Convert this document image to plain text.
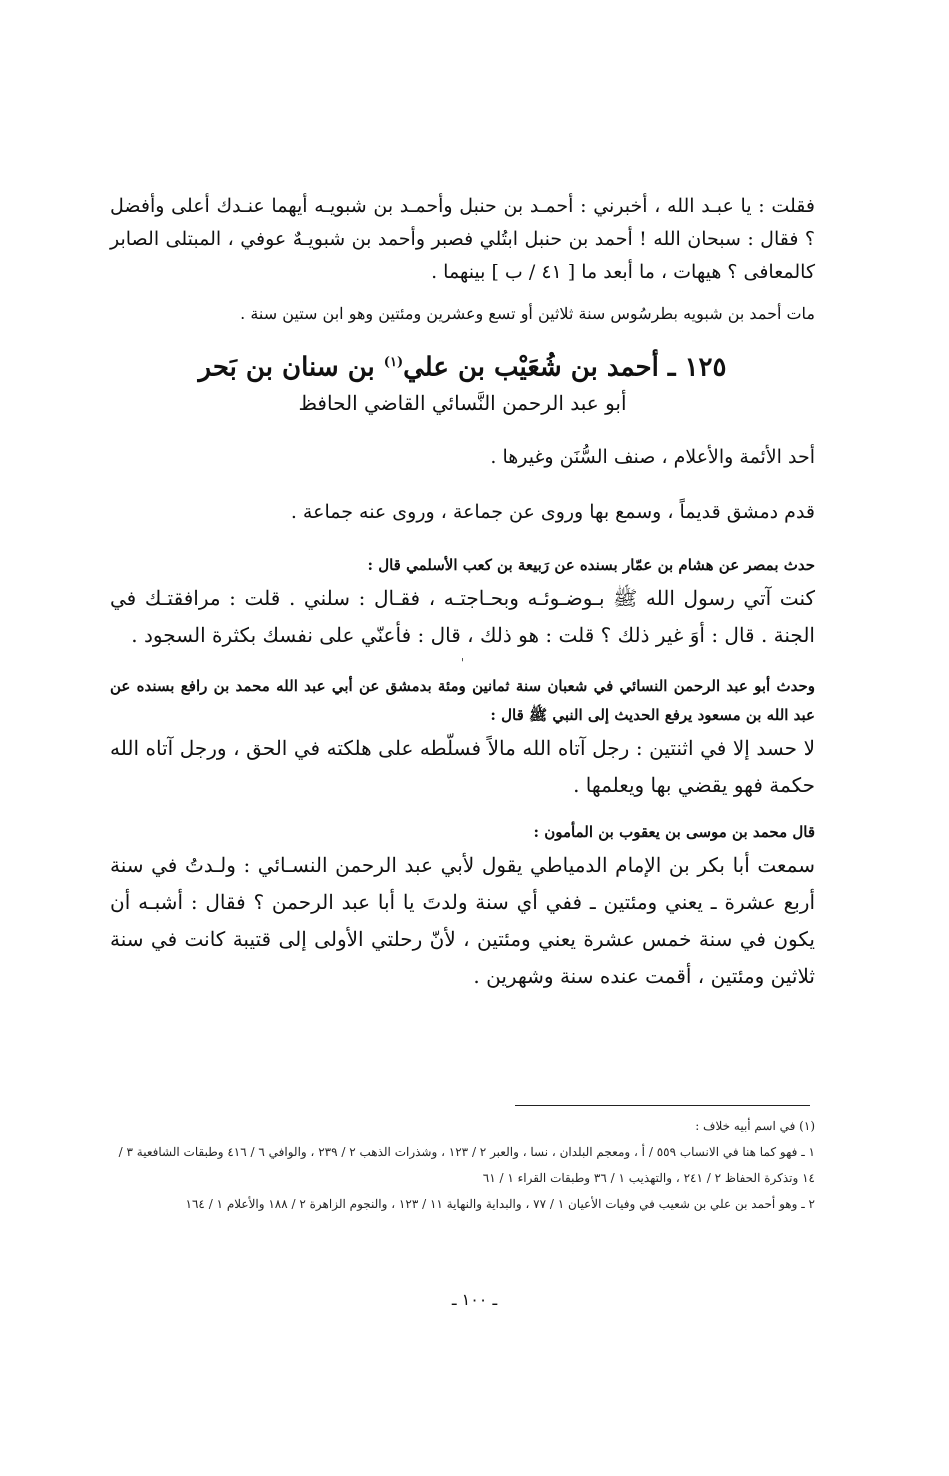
فقلت : يا عبـد الله ، أخبرني : أحمـد بن حنبل وأحمـد بن شبويـه أيهما عنـدك أعلى وأفضل ؟ فقال : سبحان الله ! أحمد بن حنبل ابتُلي فصبر وأحمد بن شبويـهٌ عوفي ، المبتلى الصابر كالمعافى ؟ هيهات ، ما أبعد ما [ ٤١ / ب ] بينهما .

مات أحمد بن شبويه بطرسُوس سنة ثلاثين أو تسع وعشرين ومئتين وهو ابن ستين سنة .

١٢٥ ـ أحمد بن شُعَيْب بن علي$^{(١)}$ بن سنان بن بَحر

أبو عبد الرحمن النَّسائي القاضي الحافظ

أحد الأئمة والأعلام ، صنف السُّنَن وغيرها .

قدم دمشق قديماً ، وسمع بها وروى عن جماعة ، وروى عنه جماعة .

حدث بمصر عن هشام بن عمّار بسنده عن رَبيعة بن كعب الأسلمي قال :

كنت آتي رسول الله ﷺ بـوضـوئـه وبحـاجتـه ، فقـال : سلني . قلت : مرافقتـك في الجنة . قال : أوَ غير ذلك ؟ قلت : هو ذلك ، قال : فأعنّي على نفسك بكثرة السجود .

'

وحدث أبو عبد الرحمن النسائي في شعبان سنة ثمانين ومئة بدمشق عن أبي عبد الله محمد بن رافع بسنده عن عبد الله بن مسعود يرفع الحديث إلى النبي ﷺ قال :

لا حسد إلا في اثنتين : رجل آتاه الله مالاً فسلّطه على هلكته في الحق ، ورجل آتاه الله حكمة فهو يقضي بها ويعلمها .

قال محمد بن موسى بن يعقوب بن المأمون :

سمعت أبا بكر بن الإمام الدمياطي يقول لأبي عبد الرحمن النسـائي : ولـدتُ في سنة أربع عشرة ـ يعني ومئتين ـ ففي أي سنة ولدتَ يا أبا عبد الرحمن ؟ فقال : أشبـه أن يكون في سنة خمس عشرة يعني ومئتين ، لأنّ رحلتي الأولى إلى قتيبة كانت في سنة ثلاثين ومئتين ، أقمت عنده سنة وشهرين .

(١) في اسم أبيه خلاف :

١ ـ فهو كما هنا في الانساب ٥٥٩ / أ ، ومعجم البلدان ، نسا ، والعبر ٢ / ١٢٣ ، وشذرات الذهب ٢ / ٢٣٩ ، والوافي ٦ / ٤١٦ وطبقات الشافعية ٣ / ١٤ وتذكرة الحفاظ ٢ / ٢٤١ ، والتهذيب ١ / ٣٦ وطبقات القراء ١ / ٦١

٢ ـ وهو أحمد بن علي بن شعيب في وفيات الأعيان ١ / ٧٧ ، والبداية والنهاية ١١ / ١٢٣ ، والنجوم الزاهرة ٢ / ١٨٨ والأعلام ١ / ١٦٤

ـ ١٠٠ ـ
